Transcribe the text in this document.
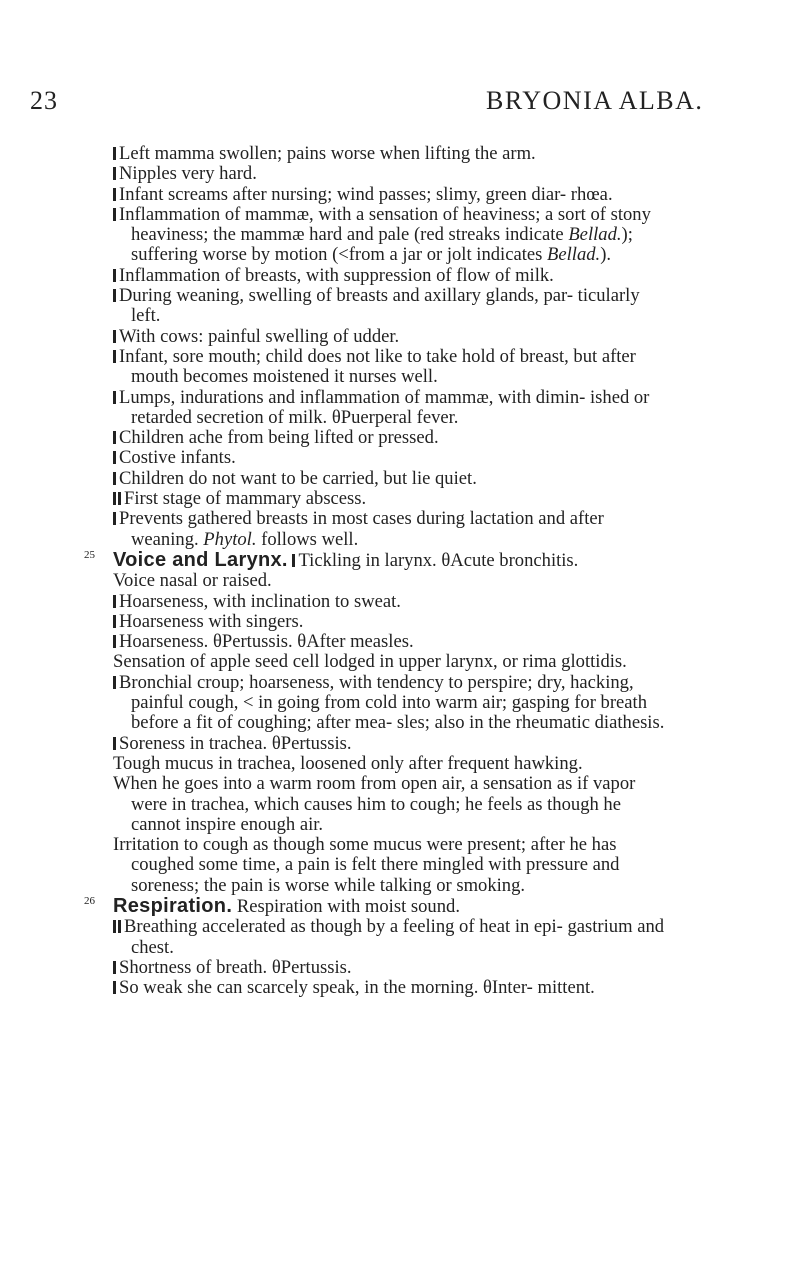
23	BRYONIA ALBA.

Left mamma swollen; pains worse when lifting the arm.

Nipples very hard.

Infant screams after nursing; wind passes; slimy, green diar- rhœa.

Inflammation of mammæ, with a sensation of heaviness; a sort of stony heaviness; the mammæ hard and pale (red streaks indicate Bellad.); suffering worse by motion (<from a jar or jolt indicates Bellad.).

Inflammation of breasts, with suppression of flow of milk.

During weaning, swelling of breasts and axillary glands, par- ticularly left.

With cows: painful swelling of udder.

Infant, sore mouth; child does not like to take hold of breast, but after mouth becomes moistened it nurses well.

Lumps, indurations and inflammation of mammæ, with dimin- ished or retarded secretion of milk. θPuerperal fever.

Children ache from being lifted or pressed.

Costive infants.

Children do not want to be carried, but lie quiet.

First stage of mammary abscess.

Prevents gathered breasts in most cases during lactation and after weaning. Phytol. follows well.

25 Voice and Larynx. Tickling in larynx. θAcute bronchitis.

Voice nasal or raised.

Hoarseness, with inclination to sweat.

Hoarseness with singers.

Hoarseness. θPertussis. θAfter measles.

Sensation of apple seed cell lodged in upper larynx, or rima glottidis.

Bronchial croup; hoarseness, with tendency to perspire; dry, hacking, painful cough, < in going from cold into warm air; gasping for breath before a fit of coughing; after mea- sles; also in the rheumatic diathesis.

Soreness in trachea. θPertussis.

Tough mucus in trachea, loosened only after frequent hawking.

When he goes into a warm room from open air, a sensation as if vapor were in trachea, which causes him to cough; he feels as though he cannot inspire enough air.

Irritation to cough as though some mucus were present; after he has coughed some time, a pain is felt there mingled with pressure and soreness; the pain is worse while talking or smoking.

26 Respiration. Respiration with moist sound.

Breathing accelerated as though by a feeling of heat in epi- gastrium and chest.

Shortness of breath. θPertussis.

So weak she can scarcely speak, in the morning. θInter- mittent.
